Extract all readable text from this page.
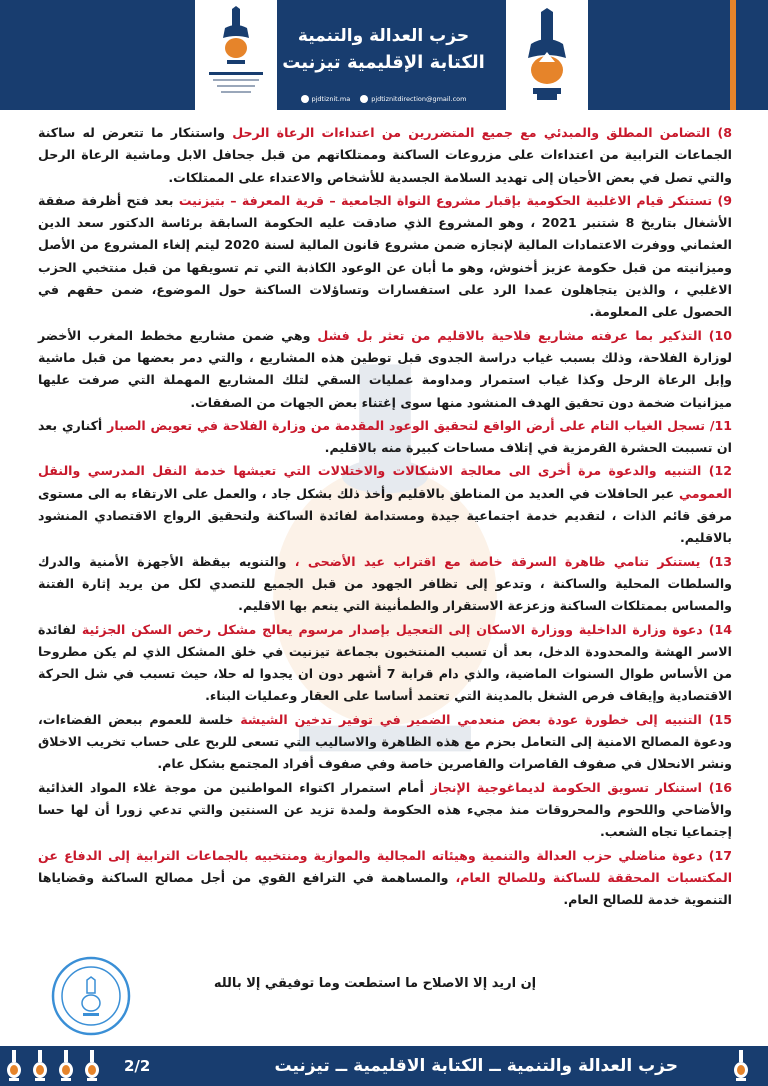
حزب العدالة والتنمية
الكتابة الإقليمية تيزنيت
pjdtiznit.ma	pjdtiznitdirection@gmail.com

8) التضامن المطلق والمبدئي مع جميع المتضررين من اعتداءات الرعاة الرحل واستنكار ما تتعرض له ساكنة الجماعات الترابية من اعتداءات على مزروعات الساكنة وممتلكاتهم من قبل جحافل الابل وماشية الرعاة الرحل والتي تصل في بعض الأحيان إلى تهديد السلامة الجسدية للأشخاص والاعتداء على الممتلكات.

9) تستنكر قيام الاغلبية الحكومية بإقبار مشروع النواة الجامعية – قرية المعرفة – بتيزنيت بعد فتح أظرفة صفقة الأشغال بتاريخ 8 شتنبر 2021 ، وهو المشروع الذي صادقت عليه الحكومة السابقة برئاسة الدكتور سعد الدين العثماني ووفرت الاعتمادات المالية لإنجازه ضمن مشروع قانون المالية لسنة 2020 ليتم إلغاء المشروع من الأصل وميزانيته من قبل حكومة عزيز أخنوش، وهو ما أبان عن الوعود الكاذبة التي تم تسويقها من قبل منتخبي الحزب الاغلبي ، والذين يتجاهلون عمدا الرد على استفسارات وتساؤلات الساكنة حول الموضوع، ضمن حقهم في الحصول على المعلومة.

10) التذكير بما عرفته مشاريع فلاحية بالاقليم من تعثر بل فشل وهي ضمن مشاريع مخطط المغرب الأخضر لوزارة الفلاحة، وذلك بسبب غياب دراسة الجدوى قبل توطين هذه المشاريع ، والتي دمر بعضها من قبل ماشية وإبل الرعاة الرحل وكذا غياب استمرار ومداومة عمليات السقي لتلك المشاريع المهملة التي صرفت عليها ميزانيات ضخمة دون تحقيق الهدف المنشود منها سوى إغتناء بعض الجهات من الصفقات.

11/ تسجل الغياب التام على أرض الواقع لتحقيق الوعود المقدمة من وزارة الفلاحة في تعويض الصبار أكناري بعد ان تسببت الحشرة القرمزية في إتلاف مساحات كبيرة منه بالاقليم.

12) التنبيه والدعوة مرة أخرى الى معالجة الاشكالات والاختلالات التي تعيشها خدمة النقل المدرسي والنقل العمومي عبر الحافلات في العديد من المناطق بالاقليم وأخذ ذلك بشكل جاد ، والعمل على الارتقاء به الى مستوى مرفق قائم الذات ، لتقديم خدمة اجتماعية جيدة ومستدامة لفائدة الساكنة ولتحقيق الرواج الاقتصادي المنشود بالاقليم.

13) يستنكر تنامي ظاهرة السرقة خاصة مع اقتراب عيد الأضحى ، والتنويه بيقظة الأجهزة الأمنية والدرك والسلطات المحلية والساكنة ، وتدعو إلى تظافر الجهود من قبل الجميع للتصدي لكل من يريد إثارة الفتنة والمساس بممتلكات الساكنة وزعزعة الاستقرار والطمأنينة التي ينعم بها الاقليم.

14) دعوة وزارة الداخلية ووزارة الاسكان إلى التعجيل بإصدار مرسوم يعالج مشكل رخص السكن الجزئية لفائدة الاسر الهشة والمحدودة الدخل، بعد أن تسبب المنتخبون بجماعة تيزنيت في خلق المشكل الذي لم يكن مطروحا من الأساس طوال السنوات الماضية، والذي دام قرابة 7 أشهر دون ان يجدوا له حلا، حيث تسبب في شل الحركة الاقتصادية وإيقاف فرص الشغل بالمدينة التي تعتمد أساسا على العقار وعمليات البناء.

15) التنبيه إلى خطورة عودة بعض منعدمي الضمير في توفير تدخين الشيشة خلسة للعموم ببعض الفضاءات، ودعوة المصالح الامنية إلى التعامل بحزم مع هذه الظاهرة والاساليب التي تسعى للربح على حساب تخريب الاخلاق ونشر الانحلال في صفوف القاصرات والقاصرين خاصة وفي صفوف أفراد المجتمع بشكل عام.

16) استنكار تسويق الحكومة لديماغوجية الإنجاز أمام استمرار اكتواء المواطنين من موجة غلاء المواد الغذائية والأضاحي واللحوم والمحروقات منذ مجيء هذه الحكومة ولمدة تزيد عن السنتين والتي تدعي زورا أن لها حسا إجتماعيا تجاه الشعب.

17) دعوة مناضلي حزب العدالة والتنمية وهيئاته المجالية والموازية ومنتخبيه بالجماعات الترابية إلى الدفاع عن المكتسبات المحققة للساكنة وللصالح العام، والمساهمة في الترافع القوي من أجل مصالح الساكنة وقضاياها التنموية خدمة للصالح العام.

إن اريد إلا الاصلاح ما استطعت وما توفيقي إلا بالله
حزب العدالة والتنمية ــ الكتابة الاقليمية ــ تيزنيت
2/2
